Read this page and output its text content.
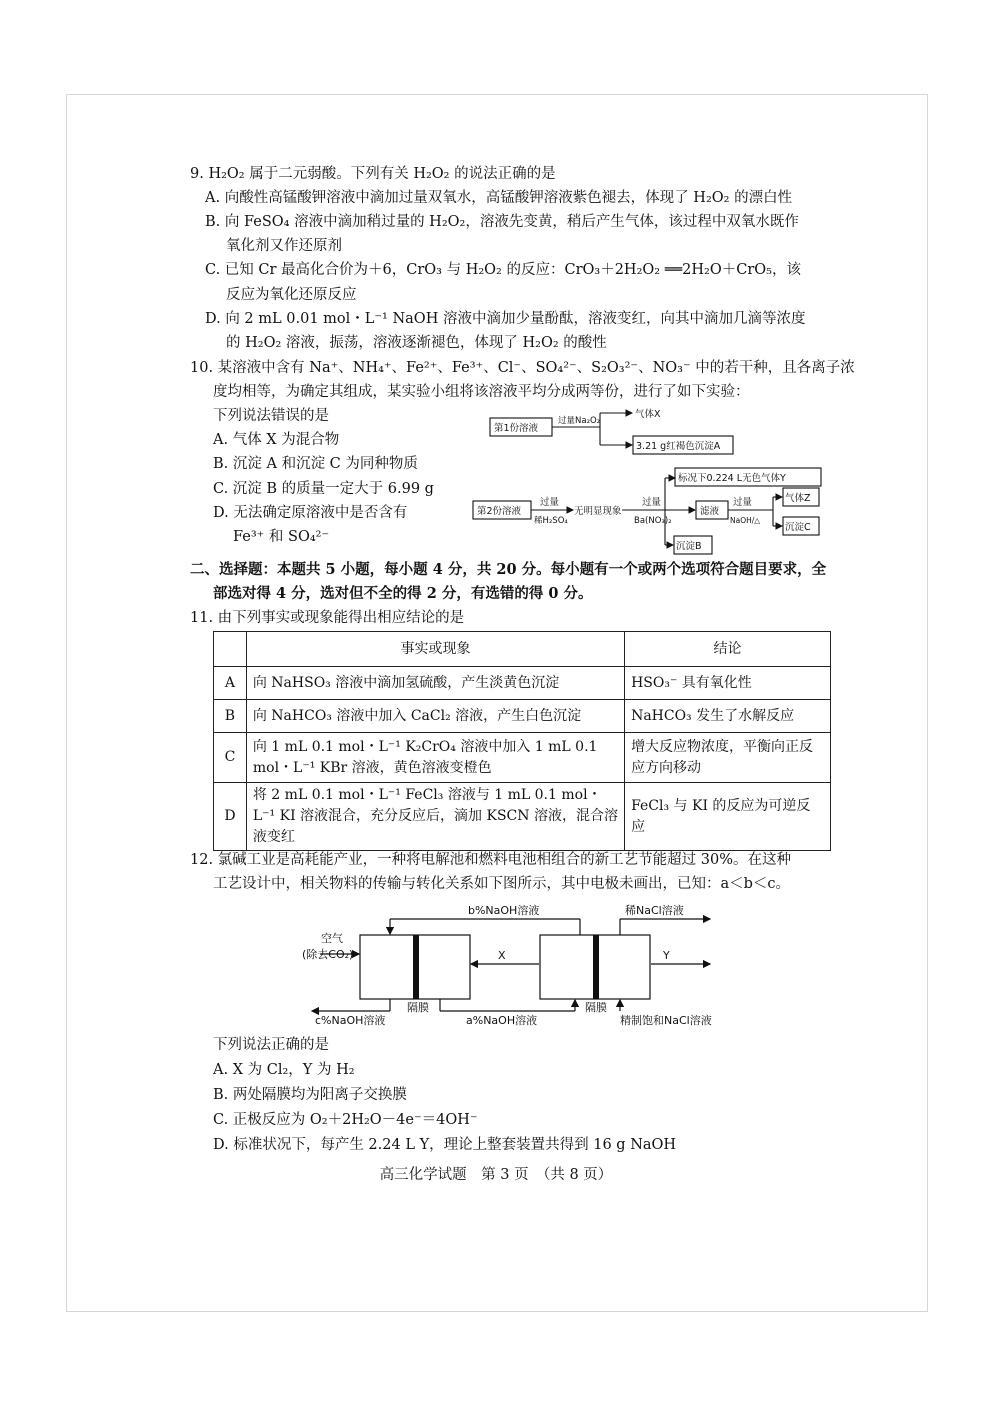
9. H₂O₂ 属于二元弱酸。下列有关 H₂O₂ 的说法正确的是
A. 向酸性高锰酸钾溶液中滴加过量双氧水，高锰酸钾溶液紫色褪去，体现了 H₂O₂ 的漂白性
B. 向 FeSO₄ 溶液中滴加稍过量的 H₂O₂，溶液先变黄，稍后产生气体，该过程中双氧水既作
氧化剂又作还原剂
C. 已知 Cr 最高化合价为＋6，CrO₃ 与 H₂O₂ 的反应：CrO₃＋2H₂O₂ ══2H₂O＋CrO₅，该
反应为氧化还原反应
D. 向 2 mL 0.01 mol・L⁻¹ NaOH 溶液中滴加少量酚酞，溶液变红，向其中滴加几滴等浓度
的 H₂O₂ 溶液，振荡，溶液逐渐褪色，体现了 H₂O₂ 的酸性
10. 某溶液中含有 Na⁺、NH₄⁺、Fe²⁺、Fe³⁺、Cl⁻、SO₄²⁻、S₂O₃²⁻、NO₃⁻ 中的若干种，且各离子浓
度均相等，为确定其组成，某实验小组将该溶液平均分成两等份，进行了如下实验：
下列说法错误的是
A. 气体 X 为混合物
B. 沉淀 A 和沉淀 C 为同种物质
C. 沉淀 B 的质量一定大于 6.99 g
D. 无法确定原溶液中是否含有
Fe³⁺ 和 SO₄²⁻
第1份溶液
过量Na₂O₂
气体X
3.21 g红褐色沉淀A
第2份溶液
过量
稀H₂SO₄
无明显现象
过量
Ba(NO₃)₂
标况下0.224 L无色气体Y
滤液
过量
NaOH/△
气体Z
沉淀C
沉淀B
二、选择题：本题共 5 小题，每小题 4 分，共 20 分。每小题有一个或两个选项符合题目要求，全
部选对得 4 分，选对但不全的得 2 分，有选错的得 0 分。
11. 由下列事实或现象能得出相应结论的是
	事实或现象	结论
A	向 NaHSO₃ 溶液中滴加氢硫酸，产生淡黄色沉淀	HSO₃⁻ 具有氧化性
B	向 NaHCO₃ 溶液中加入 CaCl₂ 溶液，产生白色沉淀	NaHCO₃ 发生了水解反应
C	向 1 mL 0.1 mol・L⁻¹ K₂CrO₄ 溶液中加入 1 mL 0.1 mol・L⁻¹ KBr 溶液，黄色溶液变橙色	增大反应物浓度，平衡向正反应方向移动
D	将 2 mL 0.1 mol・L⁻¹ FeCl₃ 溶液与 1 mL 0.1 mol・L⁻¹ KI 溶液混合，充分反应后，滴加 KSCN 溶液，混合溶液变红	FeCl₃ 与 KI 的反应为可逆反应
12. 氯碱工业是高耗能产业，一种将电解池和燃料电池相组合的新工艺节能超过 30%。在这种
工艺设计中，相关物料的传输与转化关系如下图所示，其中电极未画出，已知：a＜b＜c。
空气
(除去CO₂)
b%NaOH溶液	稀NaCl溶液
X	Y
c%NaOH溶液
隔膜
a%NaOH溶液
隔膜
精制饱和NaCl溶液
下列说法正确的是
A. X 为 Cl₂，Y 为 H₂
B. 两处隔膜均为阳离子交换膜
C. 正极反应为 O₂＋2H₂O－4e⁻＝4OH⁻
D. 标准状况下，每产生 2.24 L Y，理论上整套装置共得到 16 g NaOH
高三化学试题　第 3 页　（共 8 页）
